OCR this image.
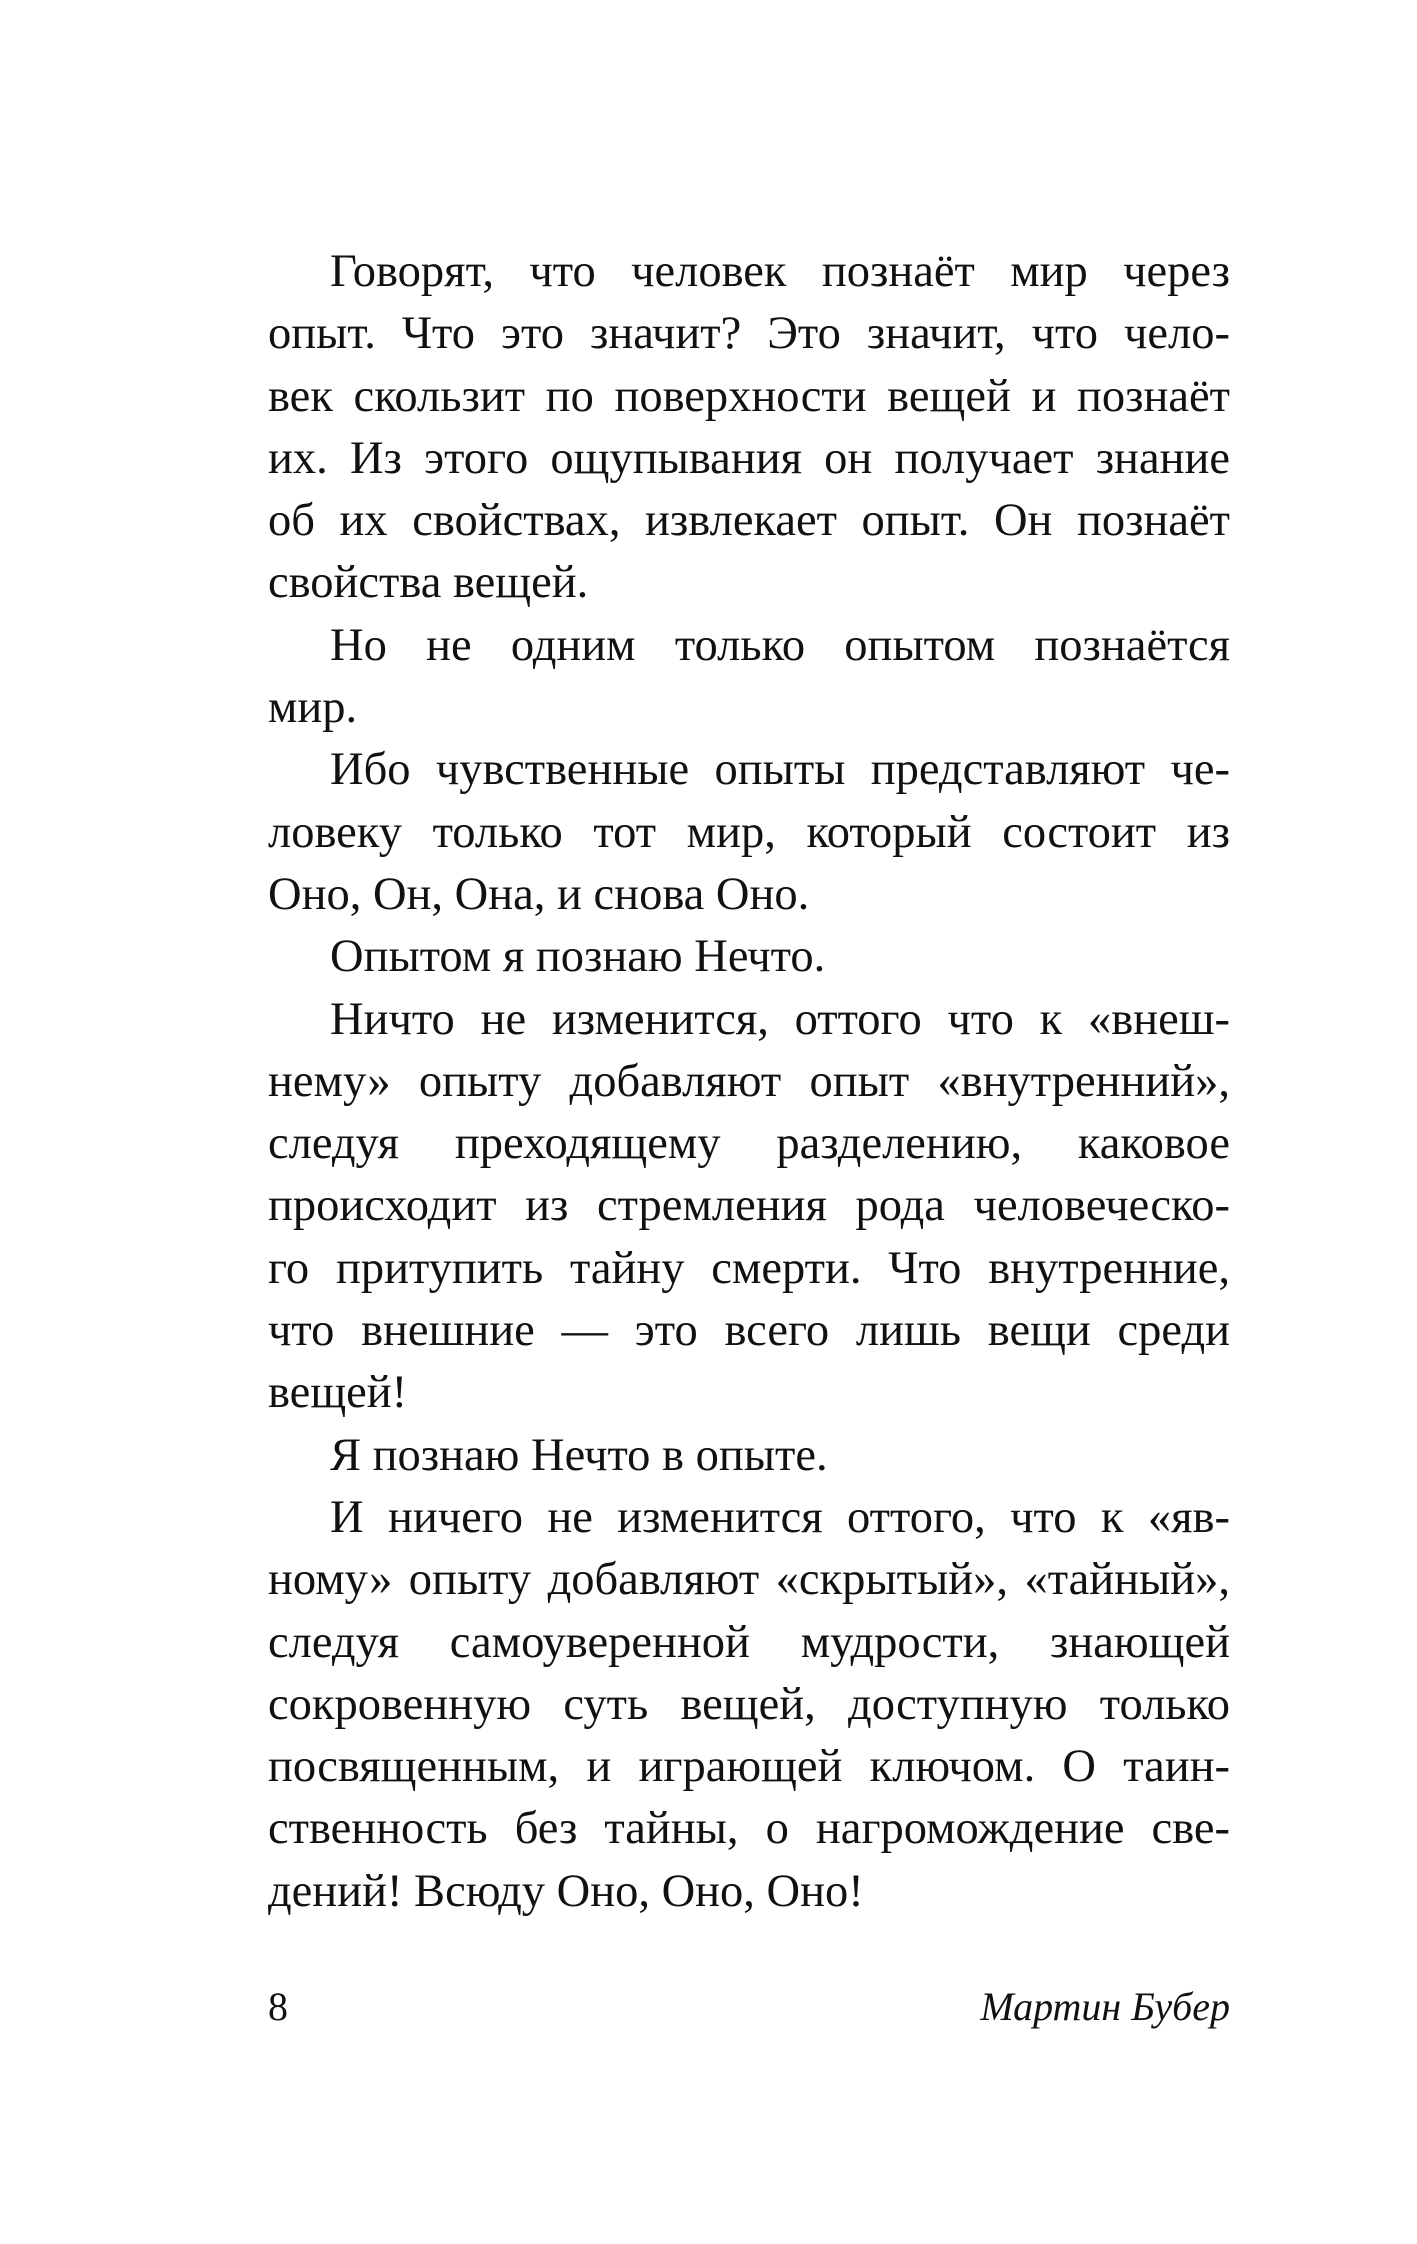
Говорят, что человек познаёт мир через
опыт. Что это значит? Это значит, что чело-
век скользит по поверхности вещей и познаёт
их. Из этого ощупывания он получает знание
об их свойствах, извлекает опыт. Он познаёт
свойства вещей.
Но не одним только опытом познаётся
мир.
Ибо чувственные опыты представляют че-
ловеку только тот мир, который состоит из
Оно, Он, Она, и снова Оно.
Опытом я познаю Нечто.
Ничто не изменится, оттого что к «внеш-
нему» опыту добавляют опыт «внутренний»,
следуя преходящему разделению, каковое
происходит из стремления рода человеческо-
го притупить тайну смерти. Что внутренние,
что внешние — это всего лишь вещи среди
вещей!
Я познаю Нечто в опыте.
И ничего не изменится оттого, что к «яв-
ному» опыту добавляют «скрытый», «тайный»,
следуя самоуверенной мудрости, знающей
сокровенную суть вещей, доступную только
посвященным, и играющей ключом. О таин-
ственность без тайны, о нагромождение све-
дений! Всюду Оно, Оно, Оно!
8	Мартин Бубер
